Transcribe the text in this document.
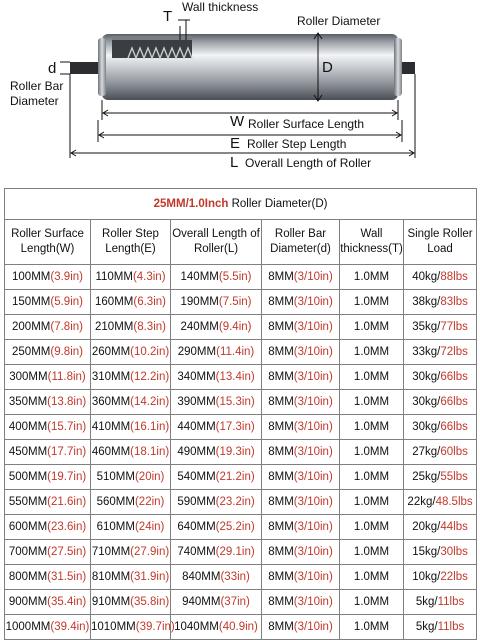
T
Wall thickness
Roller Diameter
D
d
Roller Bar
Diameter
W Roller Surface Length
E Roller Step Length
L Overall Length of Roller
25MM/1.0Inch Roller Diameter(D)					
Roller Surface
Length(W)	Roller Step
Length(E)	Overall Length of
Roller(L)	Roller Bar
Diameter(d)	Wall
thickness(T)	Single Roller
Load
100MM(3.9in)	110MM(4.3in)	140MM(5.5in)	8MM(3/10in)	1.0MM	40kg/88lbs
150MM(5.9in)	160MM(6.3in)	190MM(7.5in)	8MM(3/10in)	1.0MM	38kg/83lbs
200MM(7.8in)	210MM(8.3in)	240MM(9.4in)	8MM(3/10in)	1.0MM	35kg/77lbs
250MM(9.8in)	260MM(10.2in)	290MM(11.4in)	8MM(3/10in)	1.0MM	33kg/72lbs
300MM(11.8in)	310MM(12.2in)	340MM(13.4in)	8MM(3/10in)	1.0MM	30kg/66lbs
350MM(13.8in)	360MM(14.2in)	390MM(15.3in)	8MM(3/10in)	1.0MM	30kg/66lbs
400MM(15.7in)	410MM(16.1in)	440MM(17.3in)	8MM(3/10in)	1.0MM	30kg/66lbs
450MM(17.7in)	460MM(18.1in)	490MM(19.3in)	8MM(3/10in)	1.0MM	27kg/60lbs
500MM(19.7in)	510MM(20in)	540MM(21.2in)	8MM(3/10in)	1.0MM	25kg/55lbs
550MM(21.6in)	560MM(22in)	590MM(23.2in)	8MM(3/10in)	1.0MM	22kg/48.5lbs
600MM(23.6in)	610MM(24in)	640MM(25.2in)	8MM(3/10in)	1.0MM	20kg/44lbs
700MM(27.5in)	710MM(27.9in)	740MM(29.1in)	8MM(3/10in)	1.0MM	15kg/30lbs
800MM(31.5in)	810MM(31.9in)	840MM(33in)	8MM(3/10in)	1.0MM	10kg/22lbs
900MM(35.4in)	910MM(35.8in)	940MM(37in)	8MM(3/10in)	1.0MM	5kg/11lbs
1000MM(39.4in)	1010MM(39.7in)	1040MM(40.9in)	8MM(3/10in)	1.0MM	5kg/11lbs
